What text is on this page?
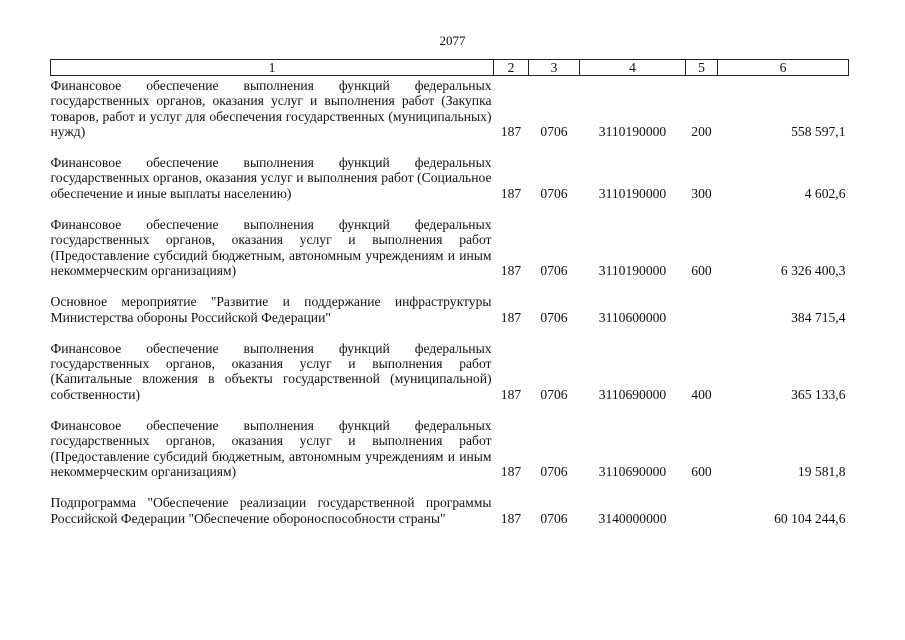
2077
1	2	3	4	5	6
Финансовое обеспечение выполнения функций федеральных государственных органов, оказания услуг и выполнения работ (Закупка товаров, работ и услуг для обеспечения государственных (муниципальных) нужд)	187	0706	3110190000	200	558 597,1
Финансовое обеспечение выполнения функций федеральных государственных органов, оказания услуг и выполнения работ (Социальное обеспечение и иные выплаты населению)	187	0706	3110190000	300	4 602,6
Финансовое обеспечение выполнения функций федеральных государственных органов, оказания услуг и выполнения работ (Предоставление субсидий бюджетным, автономным учреждениям и иным некоммерческим организациям)	187	0706	3110190000	600	6 326 400,3
Основное мероприятие "Развитие и поддержание инфраструктуры Министерства обороны Российской Федерации"	187	0706	3110600000		384 715,4
Финансовое обеспечение выполнения функций федеральных государственных органов, оказания услуг и выполнения работ (Капитальные вложения в объекты государственной (муниципальной) собственности)	187	0706	3110690000	400	365 133,6
Финансовое обеспечение выполнения функций федеральных государственных органов, оказания услуг и выполнения работ (Предоставление субсидий бюджетным, автономным учреждениям и иным некоммерческим организациям)	187	0706	3110690000	600	19 581,8
Подпрограмма "Обеспечение реализации государственной программы Российской Федерации "Обеспечение обороноспособности страны"	187	0706	3140000000		60 104 244,6
